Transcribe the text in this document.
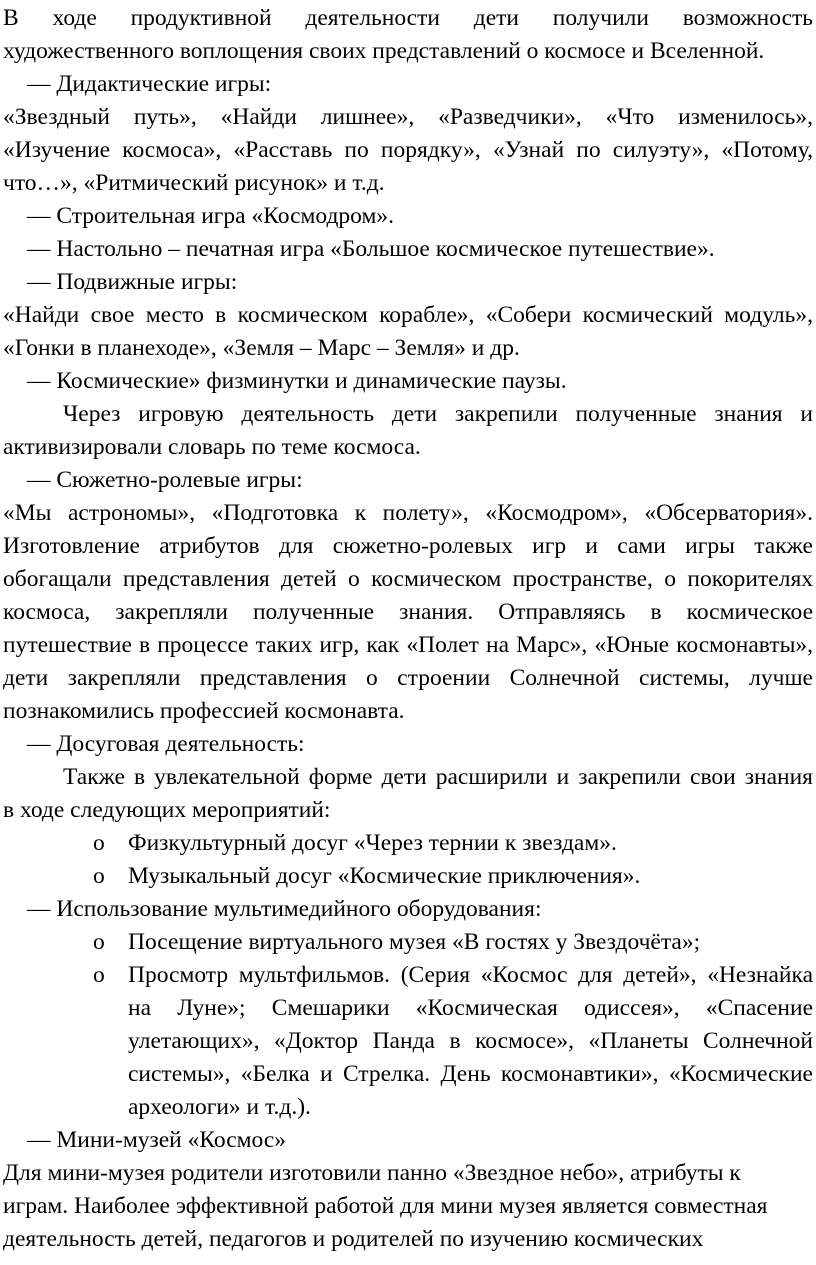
В ходе продуктивной деятельности дети получили возможность
художественного воплощения своих представлений о космосе и Вселенной.
— Дидактические игры:
«Звездный путь», «Найди лишнее», «Разведчики», «Что изменилось»,
«Изучение космоса», «Расставь по порядку», «Узнай по силуэту», «Потому,
что…», «Ритмический рисунок» и т.д.
— Строительная игра «Космодром».
— Настольно – печатная игра «Большое космическое путешествие».
— Подвижные игры:
«Найди свое место в космическом корабле», «Собери космический модуль»,
«Гонки в планеходе», «Земля – Марс – Земля» и др.
— Космические» физминутки и динамические паузы.
Через игровую деятельность дети закрепили полученные знания и
активизировали словарь по теме космоса.
— Сюжетно-ролевые игры:
«Мы астрономы», «Подготовка к полету», «Космодром», «Обсерватория».
Изготовление атрибутов для сюжетно-ролевых игр и сами игры также
обогащали представления детей о космическом пространстве, о покорителях
космоса, закрепляли полученные знания. Отправляясь в космическое
путешествие в процессе таких игр, как «Полет на Марс», «Юные космонавты»,
дети закрепляли представления о строении Солнечной системы, лучше
познакомились профессией космонавта.
— Досуговая деятельность:
Также в увлекательной форме дети расширили и закрепили свои знания
в ходе следующих мероприятий:
o Физкультурный досуг «Через тернии к звездам».
o Музыкальный досуг «Космические приключения».
— Использование мультимедийного оборудования:
o Посещение виртуального музея «В гостях у Звездочёта»;
o Просмотр мультфильмов. (Серия «Космос для детей», «Незнайка
на Луне»; Смешарики «Космическая одиссея», «Спасение
улетающих», «Доктор Панда в космосе», «Планеты Солнечной
системы», «Белка и Стрелка. День космонавтики», «Космические
археологи» и т.д.).
— Мини-музей «Космос»
Для мини-музея родители изготовили панно «Звездное небо», атрибуты к
играм. Наиболее эффективной работой для мини музея является совместная
деятельность детей, педагогов и родителей по изучению космических
